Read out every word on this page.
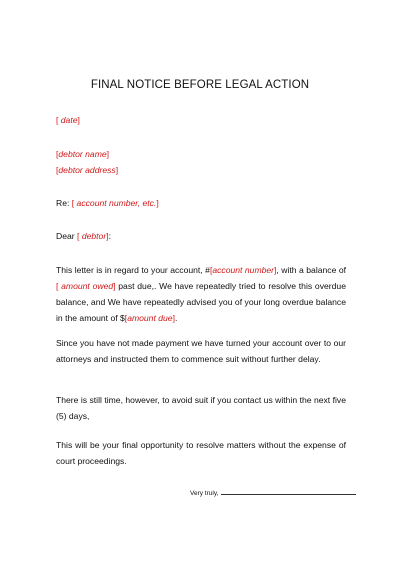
FINAL NOTICE BEFORE LEGAL ACTION
[ date]
[debtor name]
[debtor address]
Re: [ account number, etc.]
Dear [ debtor]:
This letter is in regard to your account, #[account number], with a balance of [ amount owed] past due,. We have repeatedly tried to resolve this overdue balance, and We have repeatedly advised you of your long overdue balance in the amount of $[amount due].
Since you have not made payment we have turned your account over to our attorneys and instructed them to commence suit without further delay.
There is still time, however, to avoid suit if you contact us within the next five (5) days,
This will be your final opportunity to resolve matters without the expense of court proceedings.
Very truly,
